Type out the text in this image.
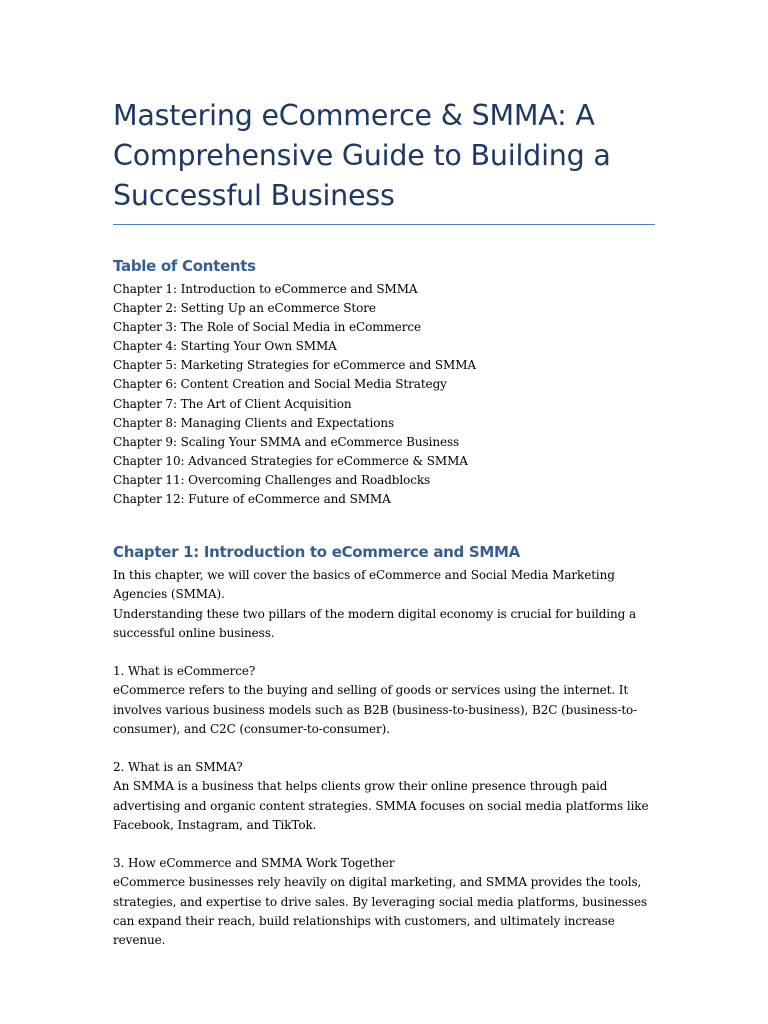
Mastering eCommerce & SMMA: A Comprehensive Guide to Building a Successful Business
Table of Contents
Chapter 1: Introduction to eCommerce and SMMA
Chapter 2: Setting Up an eCommerce Store
Chapter 3: The Role of Social Media in eCommerce
Chapter 4: Starting Your Own SMMA
Chapter 5: Marketing Strategies for eCommerce and SMMA
Chapter 6: Content Creation and Social Media Strategy
Chapter 7: The Art of Client Acquisition
Chapter 8: Managing Clients and Expectations
Chapter 9: Scaling Your SMMA and eCommerce Business
Chapter 10: Advanced Strategies for eCommerce & SMMA
Chapter 11: Overcoming Challenges and Roadblocks
Chapter 12: Future of eCommerce and SMMA
Chapter 1: Introduction to eCommerce and SMMA

In this chapter, we will cover the basics of eCommerce and Social Media Marketing Agencies (SMMA).

Understanding these two pillars of the modern digital economy is crucial for building a successful online business.

1. What is eCommerce?

eCommerce refers to the buying and selling of goods or services using the internet. It involves various business models such as B2B (business-to-business), B2C (business-to-consumer), and C2C (consumer-to-consumer).

2. What is an SMMA?

An SMMA is a business that helps clients grow their online presence through paid advertising and organic content strategies. SMMA focuses on social media platforms like Facebook, Instagram, and TikTok.

3. How eCommerce and SMMA Work Together

eCommerce businesses rely heavily on digital marketing, and SMMA provides the tools, strategies, and expertise to drive sales. By leveraging social media platforms, businesses can expand their reach, build relationships with customers, and ultimately increase revenue.
